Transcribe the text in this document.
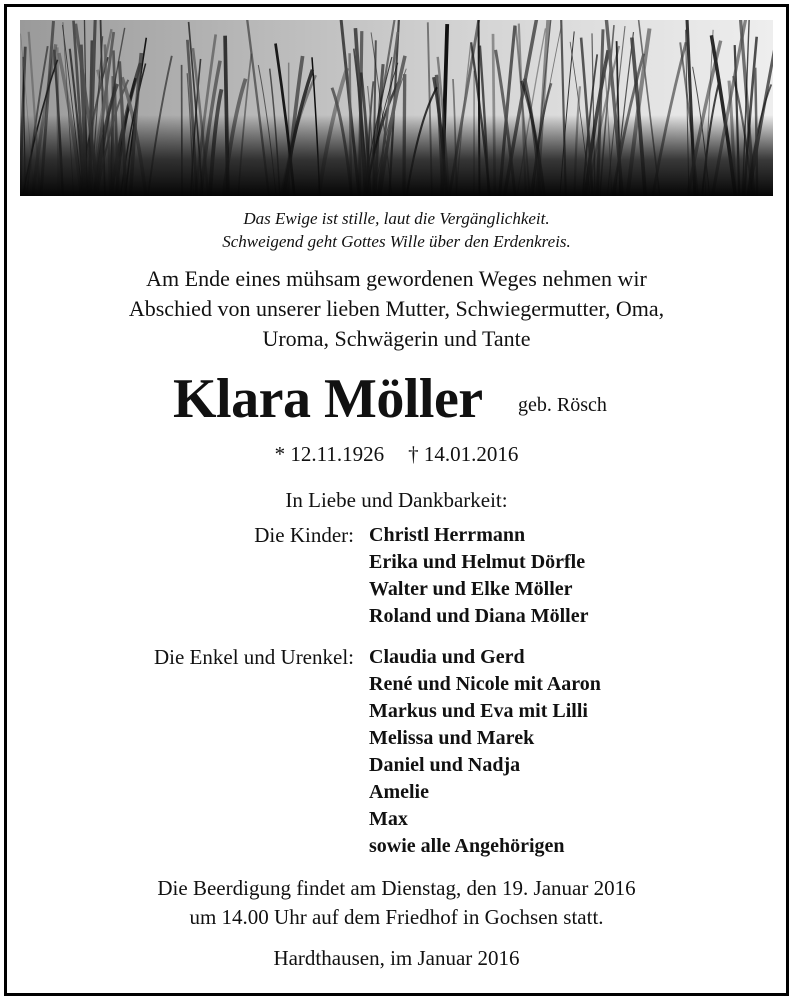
Das Ewige ist stille, laut die Vergänglichkeit.
Schweigend geht Gottes Wille über den Erdenkreis.

Am Ende eines mühsam gewordenen Weges nehmen wir
Abschied von unserer lieben Mutter, Schwiegermutter, Oma,
Uroma, Schwägerin und Tante

Klara Möller geb. Rösch
* 12.11.1926 † 14.01.2016
In Liebe und Dankbarkeit:
Die Kinder: Christl Herrmann
Erika und Helmut Dörfle
Walter und Elke Möller
Roland und Diana Möller
Die Enkel und Urenkel: Claudia und Gerd
René und Nicole mit Aaron
Markus und Eva mit Lilli
Melissa und Marek
Daniel und Nadja
Amelie
Max
sowie alle Angehörigen
Die Beerdigung findet am Dienstag, den 19. Januar 2016
um 14.00 Uhr auf dem Friedhof in Gochsen statt.
Hardthausen, im Januar 2016
